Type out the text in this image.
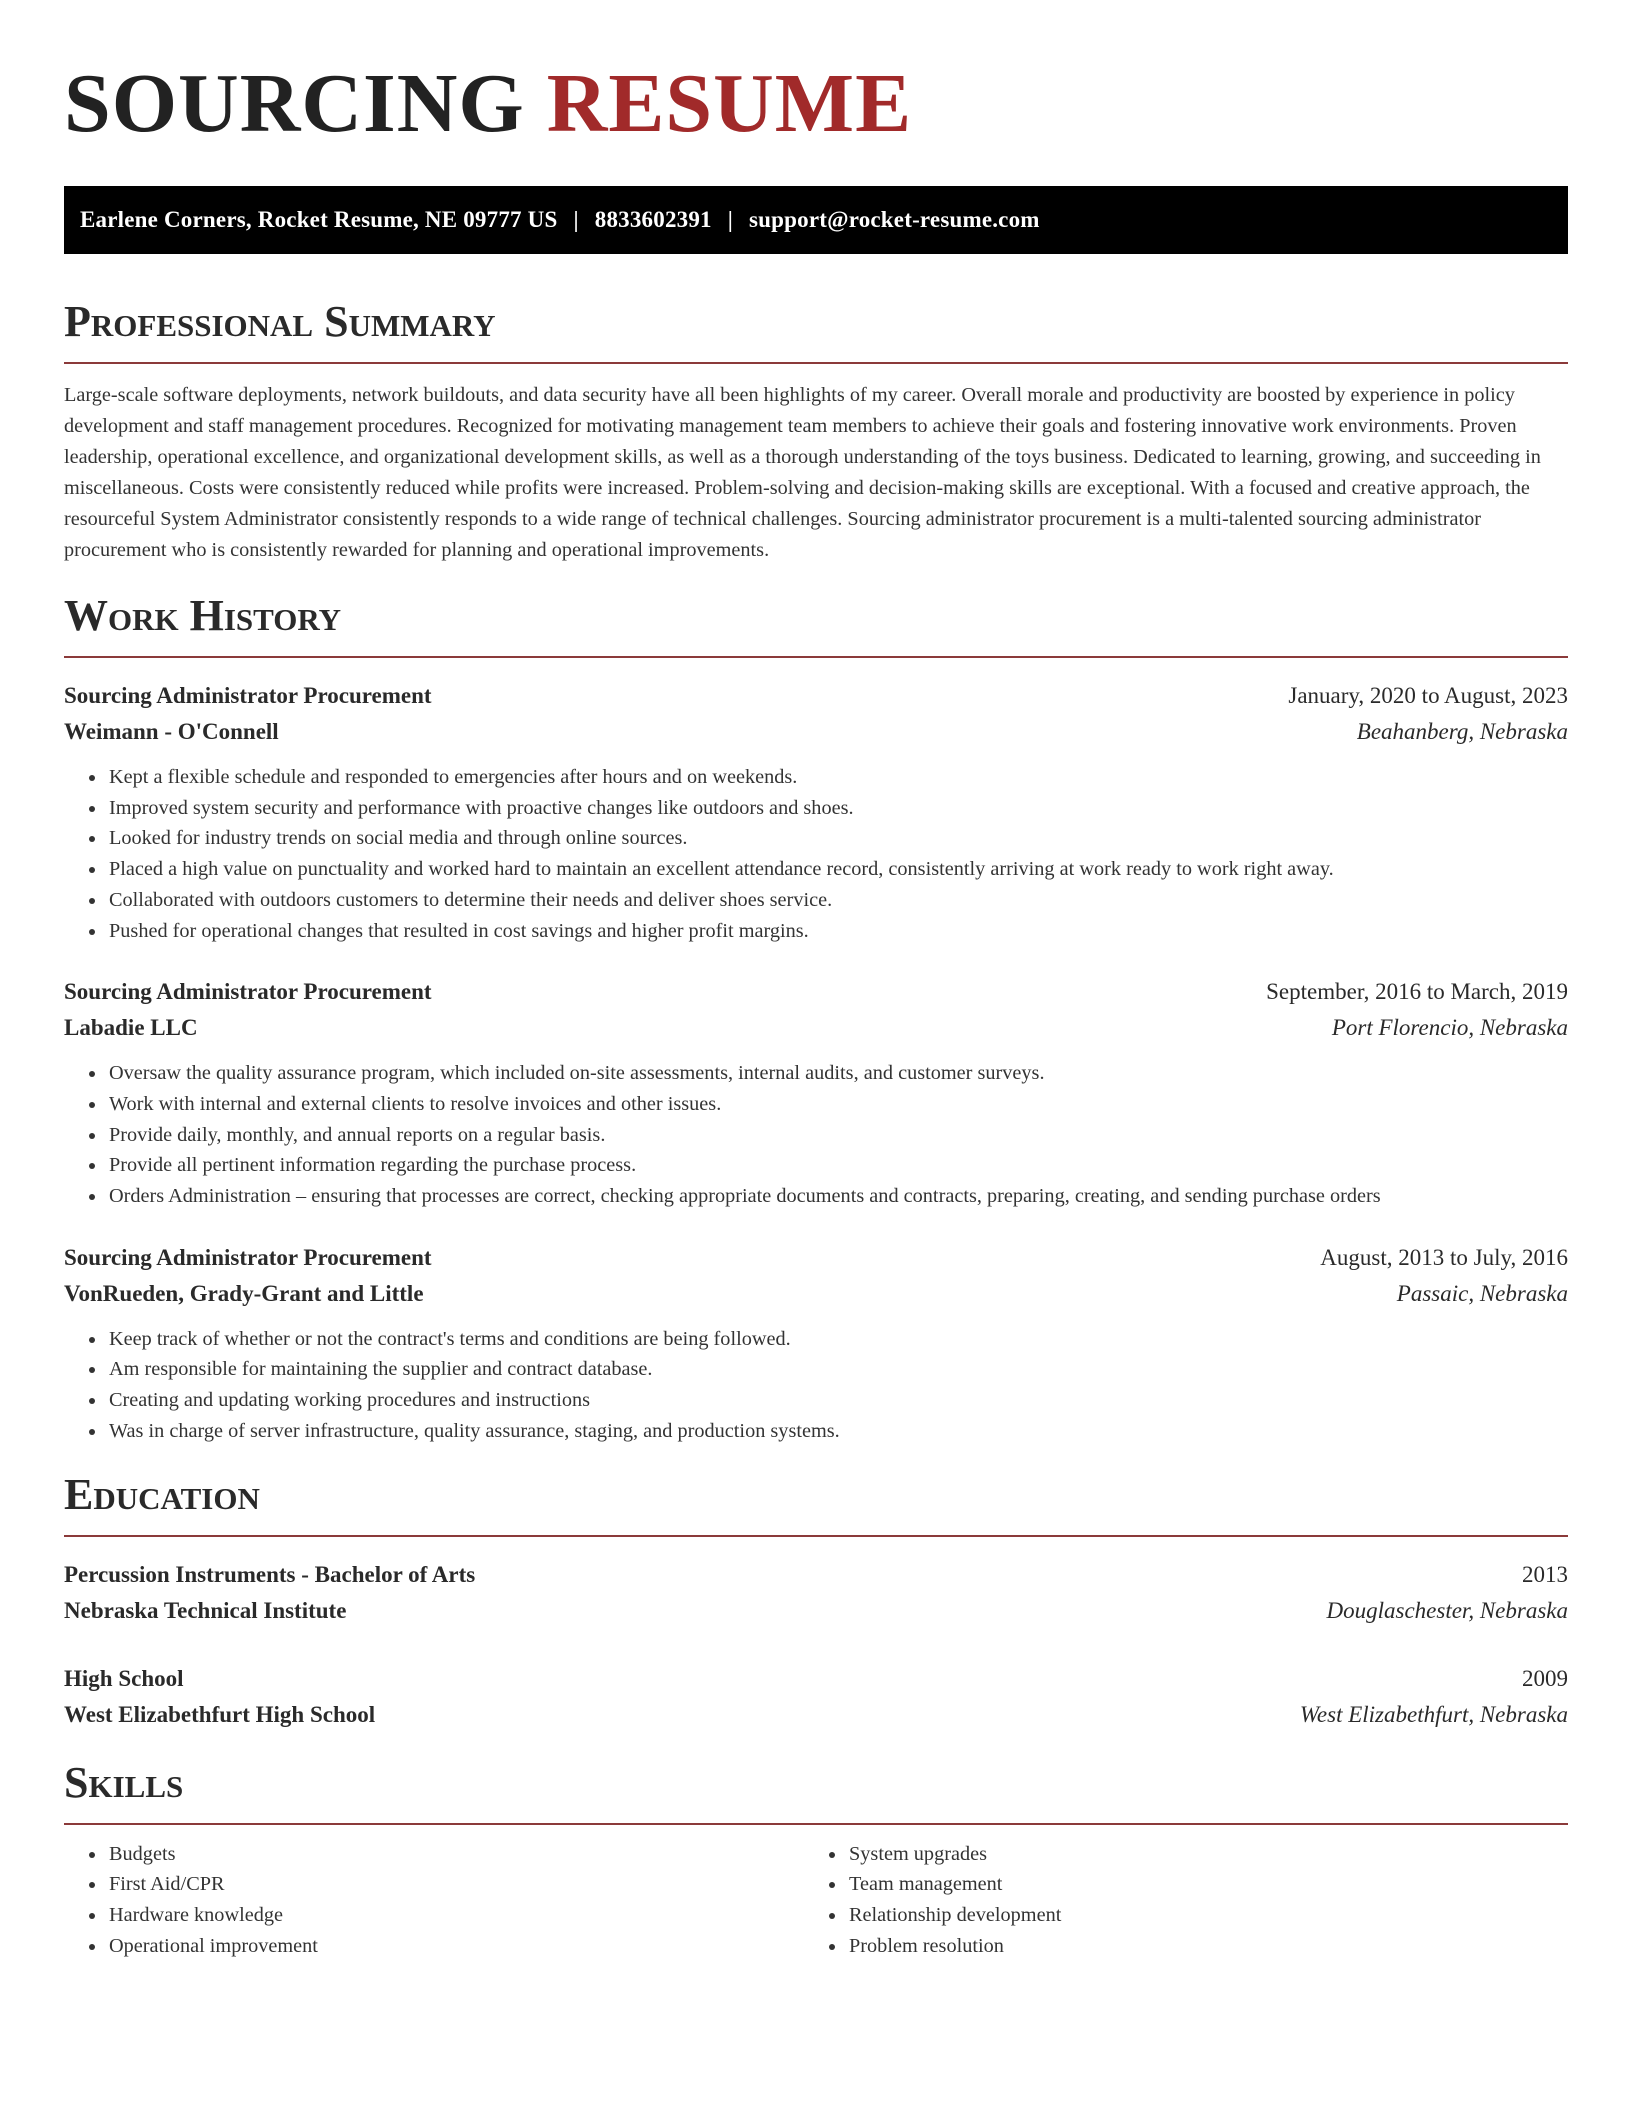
SOURCING RESUME
Earlene Corners, Rocket Resume, NE 09777 US | 8833602391 | support@rocket-resume.com
Professional Summary

Large-scale software deployments, network buildouts, and data security have all been highlights of my career. Overall morale and productivity are boosted by experience in policy development and staff management procedures. Recognized for motivating management team members to achieve their goals and fostering innovative work environments. Proven leadership, operational excellence, and organizational development skills, as well as a thorough understanding of the toys business. Dedicated to learning, growing, and succeeding in miscellaneous. Costs were consistently reduced while profits were increased. Problem-solving and decision-making skills are exceptional. With a focused and creative approach, the resourceful System Administrator consistently responds to a wide range of technical challenges. Sourcing administrator procurement is a multi-talented sourcing administrator procurement who is consistently rewarded for planning and operational improvements.

Work History
Sourcing Administrator Procurement	January, 2020 to August, 2023
Weimann - O'Connell	Beahanberg, Nebraska
• Kept a flexible schedule and responded to emergencies after hours and on weekends.
• Improved system security and performance with proactive changes like outdoors and shoes.
• Looked for industry trends on social media and through online sources.
• Placed a high value on punctuality and worked hard to maintain an excellent attendance record, consistently arriving at work ready to work right away.
• Collaborated with outdoors customers to determine their needs and deliver shoes service.
• Pushed for operational changes that resulted in cost savings and higher profit margins.
Sourcing Administrator Procurement	September, 2016 to March, 2019
Labadie LLC	Port Florencio, Nebraska
• Oversaw the quality assurance program, which included on-site assessments, internal audits, and customer surveys.
• Work with internal and external clients to resolve invoices and other issues.
• Provide daily, monthly, and annual reports on a regular basis.
• Provide all pertinent information regarding the purchase process.
• Orders Administration – ensuring that processes are correct, checking appropriate documents and contracts, preparing, creating, and sending purchase orders
Sourcing Administrator Procurement	August, 2013 to July, 2016
VonRueden, Grady-Grant and Little	Passaic, Nebraska
• Keep track of whether or not the contract's terms and conditions are being followed.
• Am responsible for maintaining the supplier and contract database.
• Creating and updating working procedures and instructions
• Was in charge of server infrastructure, quality assurance, staging, and production systems.
Education
Percussion Instruments - Bachelor of Arts	2013
Nebraska Technical Institute	Douglaschester, Nebraska
High School	2009
West Elizabethfurt High School	West Elizabethfurt, Nebraska
Skills
• Budgets
• First Aid/CPR
• Hardware knowledge
• Operational improvement
• System upgrades
• Team management
• Relationship development
• Problem resolution
